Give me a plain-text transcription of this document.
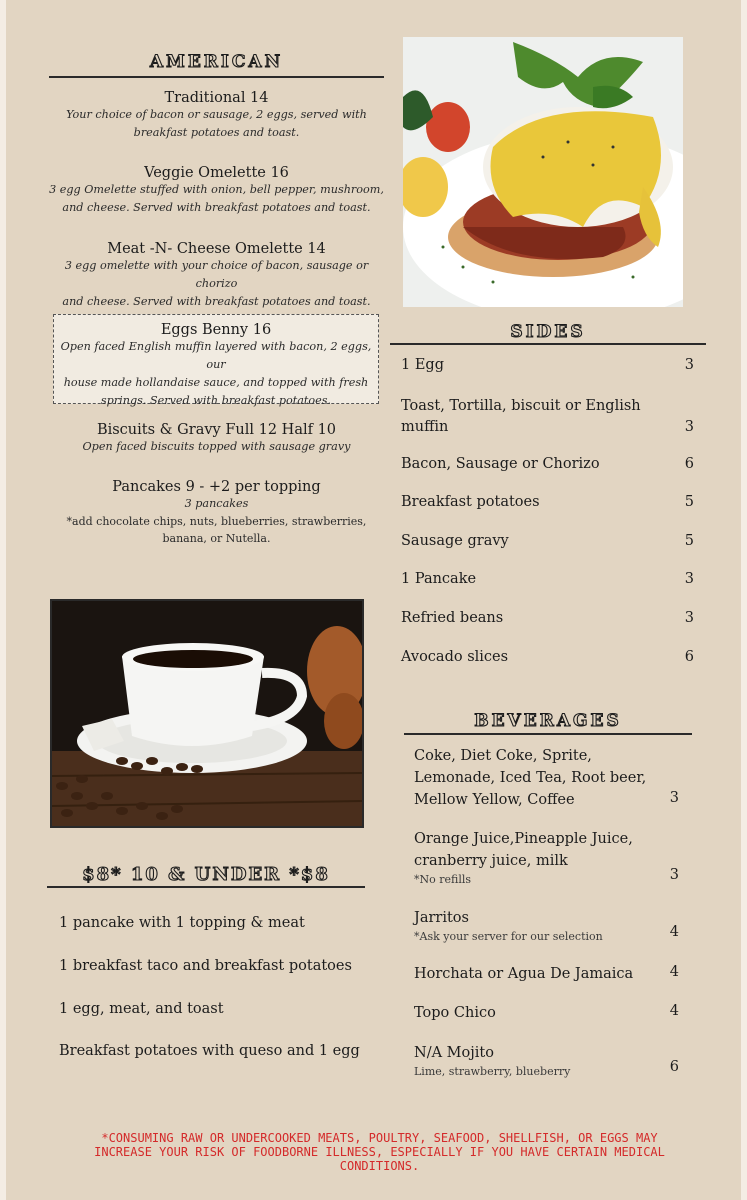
AMERICAN
Traditional 14
Your choice of bacon or sausage, 2 eggs, served with
breakfast potatoes and toast.
Veggie Omelette 16
3 egg Omelette stuffed with onion, bell pepper, mushroom,
and cheese. Served with breakfast potatoes and toast.
Meat -N- Cheese Omelette 14
3 egg omelette with your choice of bacon, sausage or chorizo
and cheese. Served with breakfast potatoes and toast.
Eggs Benny 16
Open faced English muffin layered with bacon, 2 eggs, our
house made hollandaise sauce, and topped with fresh
springs. Served with breakfast potatoes.
Biscuits & Gravy Full 12 Half 10
Open faced biscuits topped with sausage gravy
Pancakes 9 - +2 per topping
3 pancakes
*add chocolate chips, nuts, blueberries, strawberries,
banana, or Nutella.
SIDES
1 Egg	3
Toast, Tortilla, biscuit or English
muffin	3
Bacon, Sausage or Chorizo	6
Breakfast potatoes	5
Sausage gravy	5
1 Pancake	3
Refried beans	3
Avocado slices	6
BEVERAGES
Coke, Diet Coke, Sprite,
Lemonade, Iced Tea, Root beer,
Mellow Yellow, Coffee	3
Orange Juice,Pineapple Juice,
cranberry juice, milk
*No refills	3
Jarritos
*Ask your server for our selection	4
Horchata or Agua De Jamaica	4
Topo Chico	4
N/A Mojito
Lime, strawberry, blueberry	6
$8* 10 & UNDER *$8
1 pancake with 1 topping & meat
1 breakfast taco and breakfast potatoes
1 egg, meat, and toast
Breakfast potatoes with queso and 1 egg
*CONSUMING RAW OR UNDERCOOKED MEATS, POULTRY, SEAFOOD, SHELLFISH, OR EGGS MAY
INCREASE YOUR RISK OF FOODBORNE ILLNESS, ESPECIALLY IF YOU HAVE CERTAIN MEDICAL
CONDITIONS.
